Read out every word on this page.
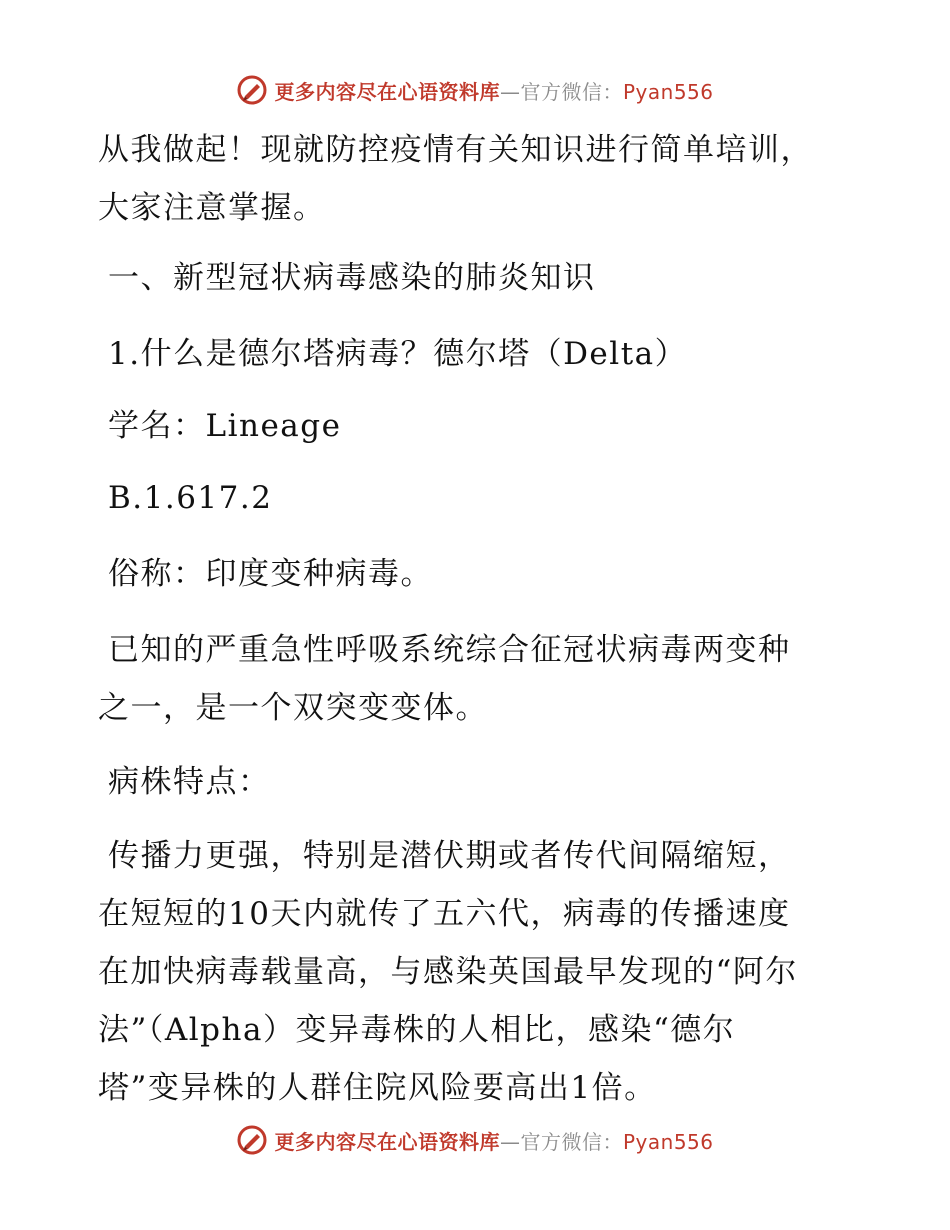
更多内容尽在心语资料库—官方微信：Pyan556
从我做起！现就防控疫情有关知识进行简单培训，
大家注意掌握。
一、新型冠状病毒感染的肺炎知识
1.什么是德尔塔病毒？德尔塔（Delta）
学名：Lineage
B.1.617.2
俗称：印度变种病毒。
已知的严重急性呼吸系统综合征冠状病毒两变种
之一，是一个双突变变体。
病株特点：
传播力更强，特别是潜伏期或者传代间隔缩短，
在短短的10天内就传了五六代，病毒的传播速度
在加快病毒载量高，与感染英国最早发现的“阿尔
法”（Alpha）变异毒株的人相比，感染“德尔
塔”变异株的人群住院风险要高出1倍。
更多内容尽在心语资料库—官方微信：Pyan556
